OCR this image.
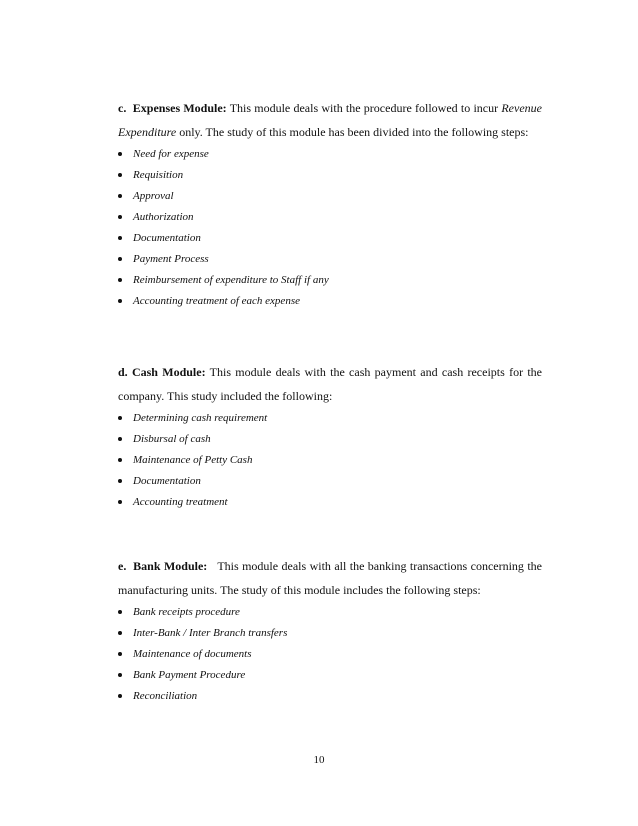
c. Expenses Module: This module deals with the procedure followed to incur Revenue
Expenditure only. The study of this module has been divided into the following steps:
Need for expense
Requisition
Approval
Authorization
Documentation
Payment Process
Reimbursement of expenditure to Staff if any
Accounting treatment of each expense
d. Cash Module: This module deals with the cash payment and cash receipts for the
company. This study included the following:
Determining cash requirement
Disbursal of cash
Maintenance of Petty Cash
Documentation
Accounting treatment
e. Bank Module: This module deals with all the banking transactions concerning the
manufacturing units. The study of this module includes the following steps:
Bank receipts procedure
Inter-Bank / Inter Branch transfers
Maintenance of documents
Bank Payment Procedure
Reconciliation
10
